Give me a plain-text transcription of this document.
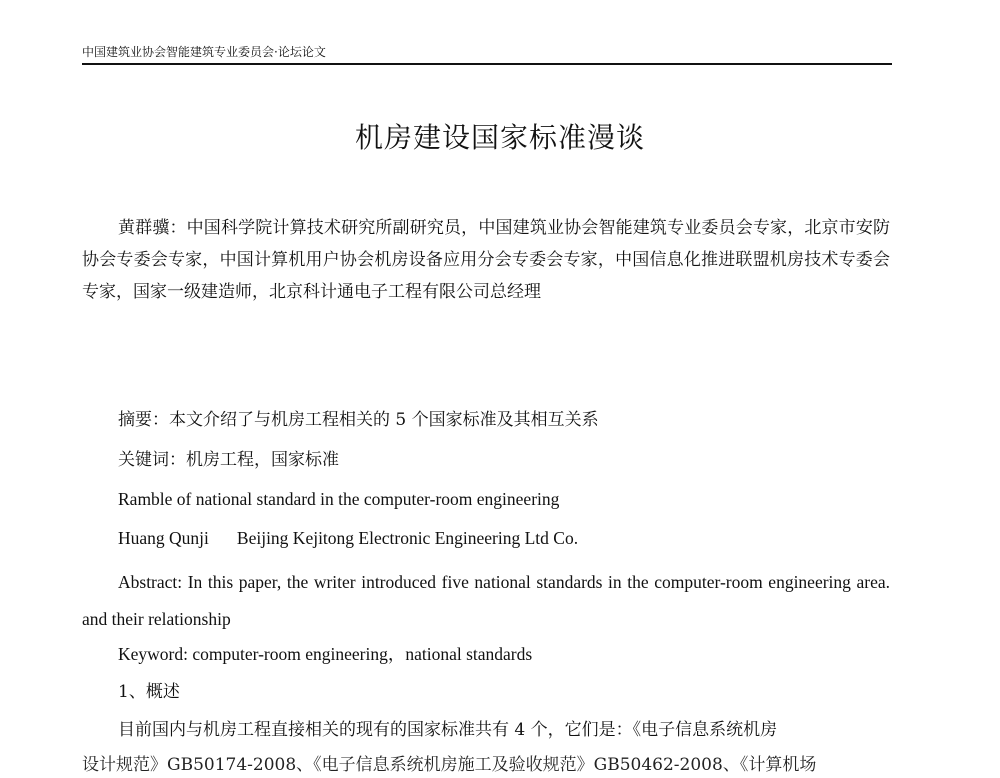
中国建筑业协会智能建筑专业委员会·论坛论文
机房建设国家标准漫谈

黄群骥：中国科学院计算技术研究所副研究员，中国建筑业协会智能建筑专业委员会专家，北京市安防协会专委会专家，中国计算机用户协会机房设备应用分会专委会专家，中国信息化推进联盟机房技术专委会专家，国家一级建造师，北京科计通电子工程有限公司总经理

摘要：本文介绍了与机房工程相关的 5 个国家标准及其相互关系

关键词：机房工程，国家标准

Ramble of national standard in the computer-room engineering

Huang Qunji Beijing Kejitong Electronic Engineering Ltd Co.

Abstract: In this paper, the writer introduced five national standards in the computer-room engineering area. and their relationship

Keyword: computer-room engineering，national standards

1、概述

目前国内与机房工程直接相关的现有的国家标准共有 4 个，它们是：《电子信息系统机房

设计规范》GB50174-2008、《电子信息系统机房施工及验收规范》GB50462-2008、《计算机场
